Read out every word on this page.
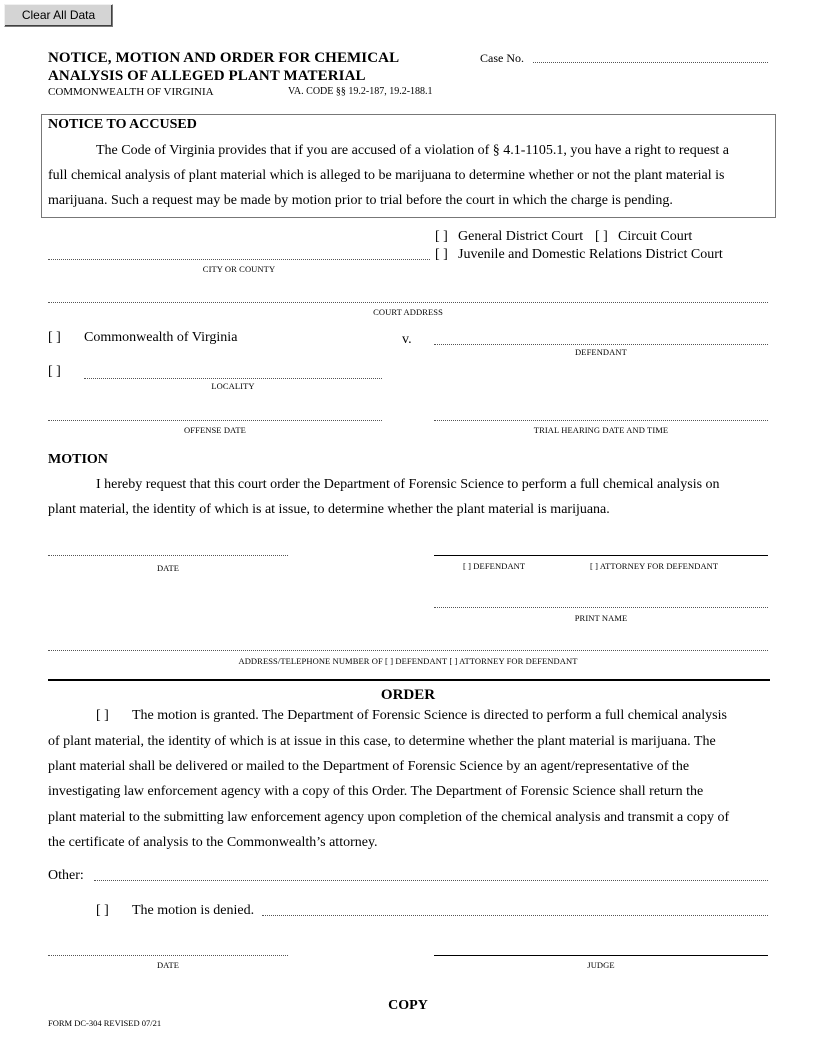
Clear All Data
NOTICE, MOTION AND ORDER FOR CHEMICAL
ANALYSIS OF ALLEGED PLANT MATERIAL
COMMONWEALTH OF VIRGINIA	VA. CODE §§ 19.2-187, 19.2-188.1
Case No.
NOTICE TO ACCUSED
The Code of Virginia provides that if you are accused of a violation of § 4.1-1105.1, you have a right to request a
full chemical analysis of plant material which is alleged to be marijuana to determine whether or not the plant material is
marijuana. Such a request may be made by motion prior to trial before the court in which the charge is pending.
[ ] General District Court [ ] Circuit Court
[ ] Juvenile and Domestic Relations District Court
CITY OR COUNTY
COURT ADDRESS
[ ] Commonwealth of Virginia	v.
DEFENDANT
[ ]
LOCALITY
OFFENSE DATE	TRIAL HEARING DATE AND TIME
MOTION
I hereby request that this court order the Department of Forensic Science to perform a full chemical analysis on
plant material, the identity of which is at issue, to determine whether the plant material is marijuana.
DATE	[ ] DEFENDANT	[ ] ATTORNEY FOR DEFENDANT
PRINT NAME
ADDRESS/TELEPHONE NUMBER OF [ ] DEFENDANT [ ] ATTORNEY FOR DEFENDANT
ORDER
[ ] The motion is granted. The Department of Forensic Science is directed to perform a full chemical analysis
of plant material, the identity of which is at issue in this case, to determine whether the plant material is marijuana. The
plant material shall be delivered or mailed to the Department of Forensic Science by an agent/representative of the
investigating law enforcement agency with a copy of this Order. The Department of Forensic Science shall return the
plant material to the submitting law enforcement agency upon completion of the chemical analysis and transmit a copy of
the certificate of analysis to the Commonwealth’s attorney.
Other:
[ ] The motion is denied.
DATE	JUDGE
COPY
FORM DC-304 REVISED 07/21
